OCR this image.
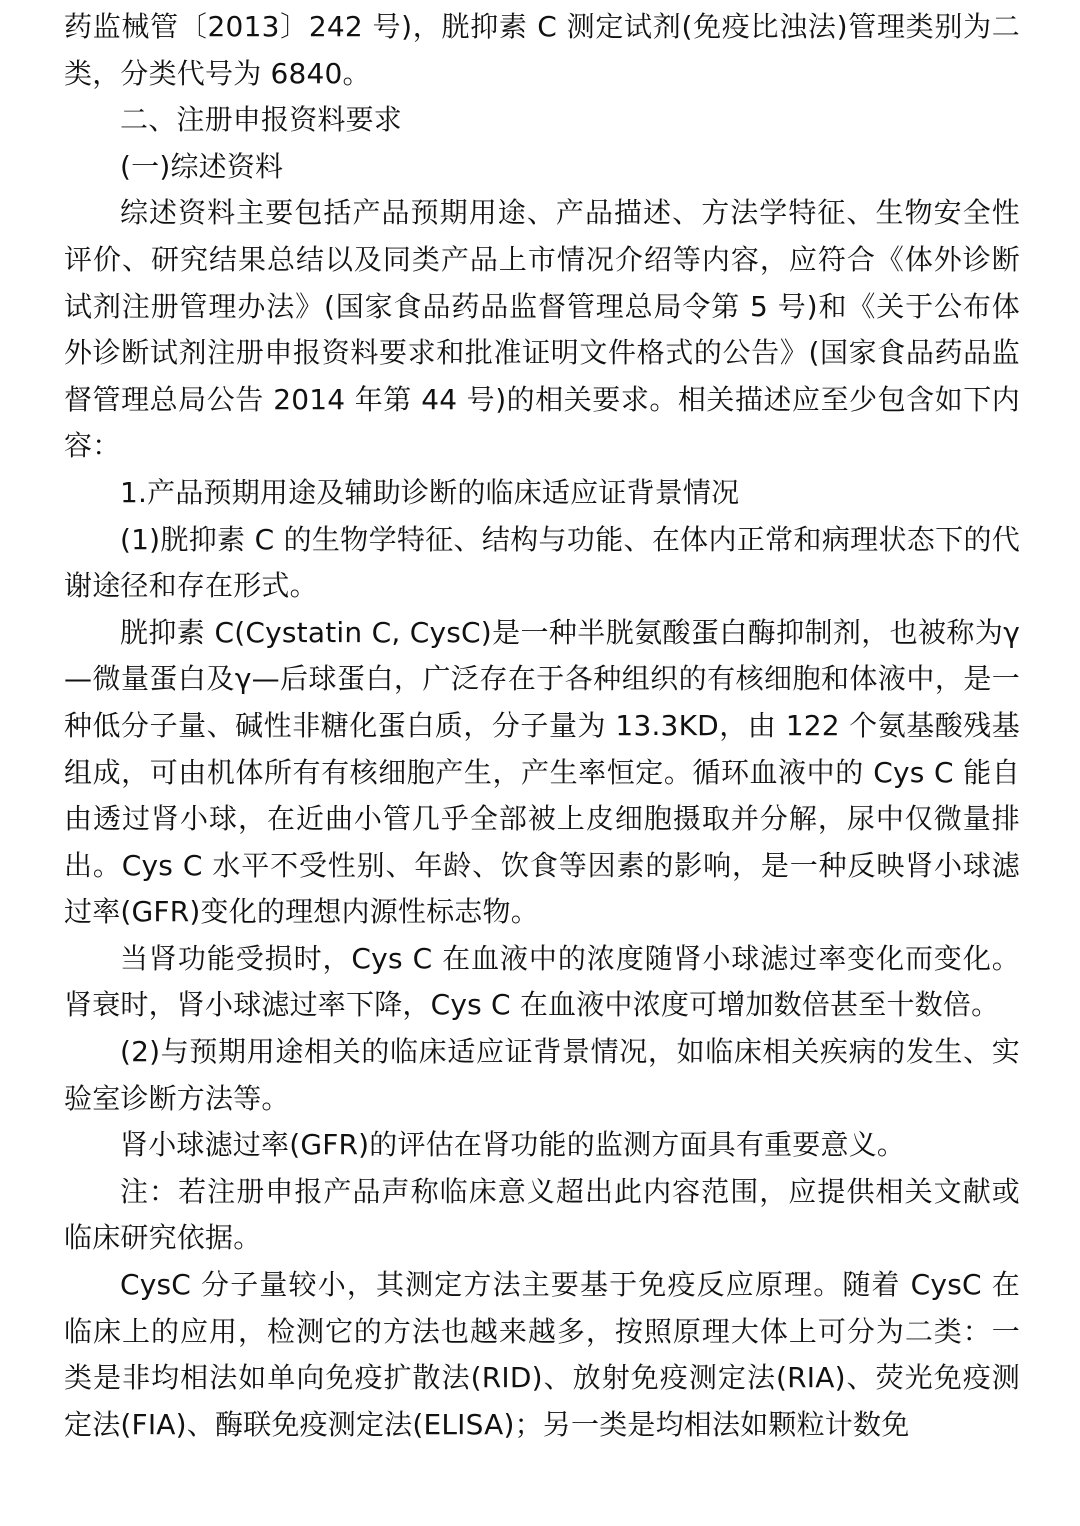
药监械管〔2013〕242 号)，胱抑素 C 测定试剂(免疫比浊法)管理类别为二类，分类代号为 6840。

二、注册申报资料要求

(一)综述资料

综述资料主要包括产品预期用途、产品描述、方法学特征、生物安全性评价、研究结果总结以及同类产品上市情况介绍等内容，应符合《体外诊断试剂注册管理办法》(国家食品药品监督管理总局令第 5 号)和《关于公布体外诊断试剂注册申报资料要求和批准证明文件格式的公告》(国家食品药品监督管理总局公告 2014 年第 44 号)的相关要求。相关描述应至少包含如下内容：

1.产品预期用途及辅助诊断的临床适应证背景情况

(1)胱抑素 C 的生物学特征、结构与功能、在体内正常和病理状态下的代谢途径和存在形式。

胱抑素 C(Cystatin C, CysC)是一种半胱氨酸蛋白酶抑制剂，也被称为γ—微量蛋白及γ—后球蛋白，广泛存在于各种组织的有核细胞和体液中，是一种低分子量、碱性非糖化蛋白质，分子量为 13.3KD，由 122 个氨基酸残基组成，可由机体所有有核细胞产生，产生率恒定。循环血液中的 Cys C 能自由透过肾小球，在近曲小管几乎全部被上皮细胞摄取并分解，尿中仅微量排出。Cys C 水平不受性别、年龄、饮食等因素的影响，是一种反映肾小球滤过率(GFR)变化的理想内源性标志物。

当肾功能受损时，Cys C 在血液中的浓度随肾小球滤过率变化而变化。肾衰时，肾小球滤过率下降，Cys C 在血液中浓度可增加数倍甚至十数倍。

(2)与预期用途相关的临床适应证背景情况，如临床相关疾病的发生、实验室诊断方法等。

肾小球滤过率(GFR)的评估在肾功能的监测方面具有重要意义。

注：若注册申报产品声称临床意义超出此内容范围，应提供相关文献或临床研究依据。

CysC 分子量较小，其测定方法主要基于免疫反应原理。随着 CysC 在临床上的应用，检测它的方法也越来越多，按照原理大体上可分为二类：一类是非均相法如单向免疫扩散法(RID)、放射免疫测定法(RIA)、荧光免疫测定法(FIA)、酶联免疫测定法(ELISA)；另一类是均相法如颗粒计数免
